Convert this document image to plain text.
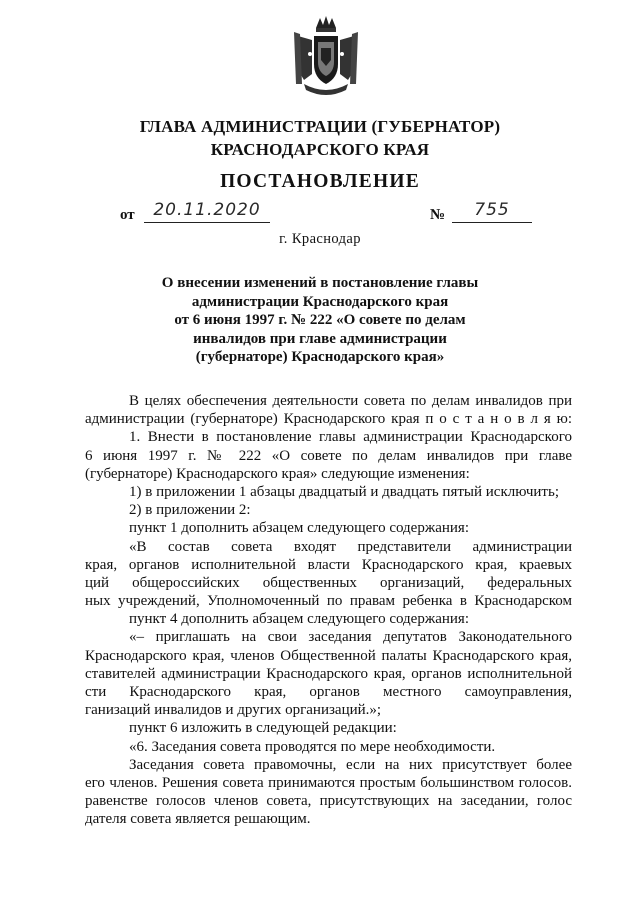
ГЛАВА АДМИНИСТРАЦИИ (ГУБЕРНАТОР)
КРАСНОДАРСКОГО КРАЯ
ПОСТАНОВЛЕНИЕ
от	20.11.2020	№	755
г. Краснодар
О внесении изменений в постановление главы
администрации Краснодарского края
от 6 июня 1997 г. № 222 «О совете по делам
инвалидов при главе администрации
(губернаторе) Краснодарского края»
В целях обеспечения деятельности совета по делам инвалидов при
администрации (губернаторе) Краснодарского края п о с т а н о в л я ю:
1. Внести в постановление главы администрации Краснодарского
6 июня 1997 г. № 222 «О совете по делам инвалидов при главе
(губернаторе) Краснодарского края» следующие изменения:
1) в приложении 1 абзацы двадцатый и двадцать пятый исключить;
2) в приложении 2:
пункт 1 дополнить абзацем следующего содержания:
«В состав совета входят представители администрации
края, органов исполнительной власти Краснодарского края, краевых
ций общероссийских общественных организаций, федеральных
ных учреждений, Уполномоченный по правам ребенка в Краснодарском
пункт 4 дополнить абзацем следующего содержания:
«– приглашать на свои заседания депутатов Законодательного
Краснодарского края, членов Общественной палаты Краснодарского края,
ставителей администрации Краснодарского края, органов исполнительной
сти Краснодарского края, органов местного самоуправления,
ганизаций инвалидов и других организаций.»;
пункт 6 изложить в следующей редакции:
«6. Заседания совета проводятся по мере необходимости.
Заседания совета правомочны, если на них присутствует более
его членов. Решения совета принимаются простым большинством голосов.
равенстве голосов членов совета, присутствующих на заседании, голос
дателя совета является решающим.
